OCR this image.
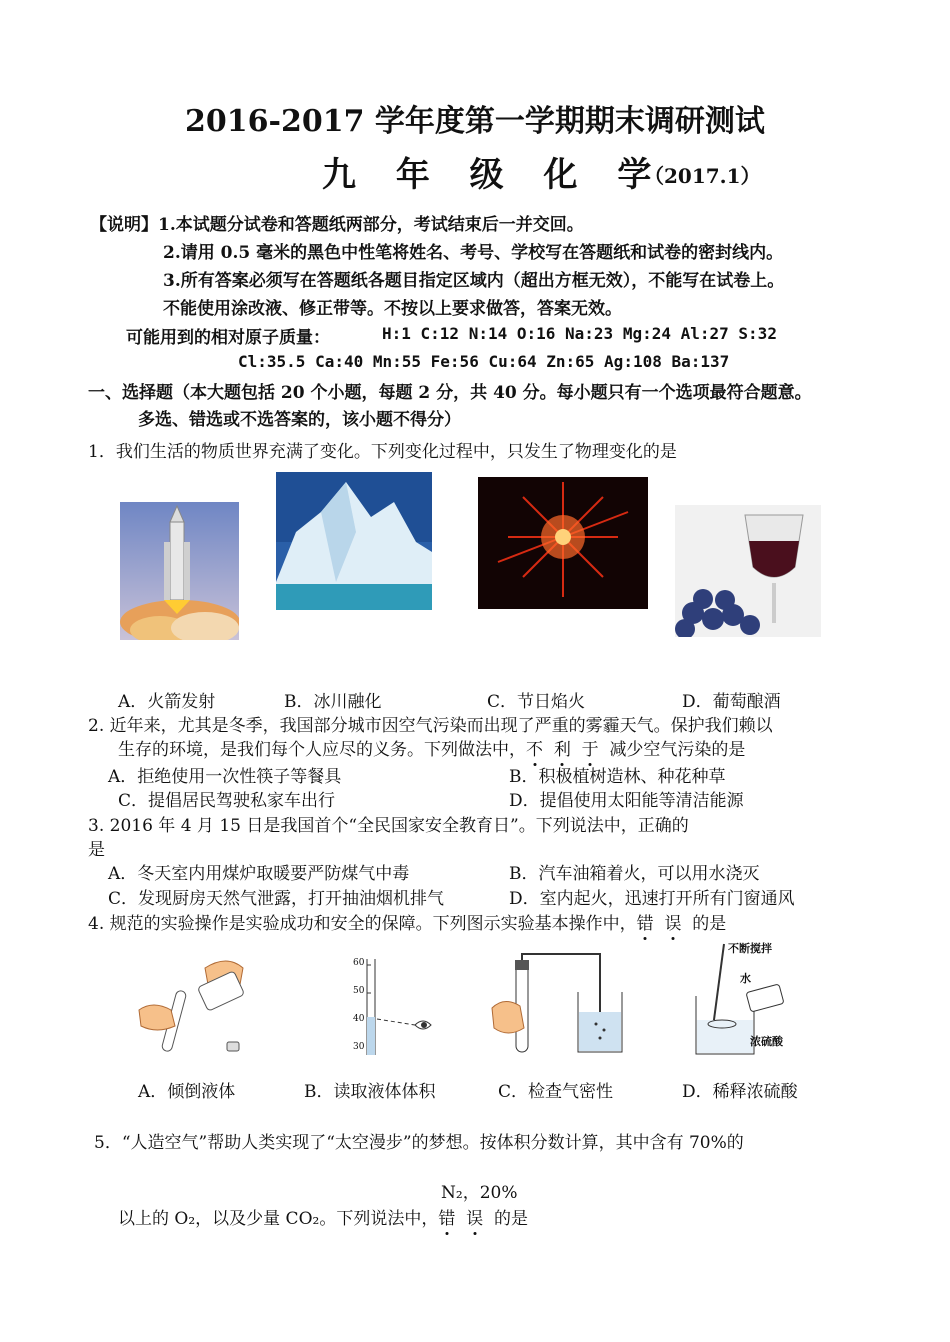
2016-2017 学年度第一学期期末调研测试
九 年 级 化 学
（2017.1）
【说明】1.本试题分试卷和答题纸两部分，考试结束后一并交回。
2.请用 0.5 毫米的黑色中性笔将姓名、考号、学校写在答题纸和试卷的密封线内。
3.所有答案必须写在答题纸各题目指定区域内（超出方框无效），不能写在试卷上。
不能使用涂改液、修正带等。不按以上要求做答，答案无效。
可能用到的相对原子质量：	H:1 C:12 N:14 O:16 Na:23 Mg:24 Al:27 S:32
Cl:35.5 Ca:40 Mn:55 Fe:56 Cu:64 Zn:65 Ag:108 Ba:137
一、选择题（本大题包括 20 个小题，每题 2 分，共 40 分。每小题只有一个选项最符合题意。
多选、错选或不选答案的，该小题不得分）
1．我们生活的物质世界充满了变化。下列变化过程中，只发生了物理变化的是
A．火箭发射	B．冰川融化	C．节日焰火	D．葡萄酿酒
2. 近年来，尤其是冬季，我国部分城市因空气污染而出现了严重的雾霾天气。保护我们赖以
生存的环境，是我们每个人应尽的义务。下列做法中，不 利 于 减少空气污染的是
A．拒绝使用一次性筷子等餐具	B．积极植树造林、种花种草
C．提倡居民驾驶私家车出行	D．提倡使用太阳能等清洁能源
3. 2016 年 4 月 15 日是我国首个“全民国家安全教育日”。下列说法中，正确的
是
A．冬天室内用煤炉取暖要严防煤气中毒	B．汽车油箱着火，可以用水浇灭
C．发现厨房天然气泄露，打开抽油烟机排气	D．室内起火，迅速打开所有门窗通风
4. 规范的实验操作是实验成功和安全的保障。下列图示实验基本操作中，错 误 的是
60
50
40
30
不断搅拌
水
浓硫酸
A．倾倒液体	B．读取液体体积	C．检查气密性	D．稀释浓硫酸
5．“人造空气”帮助人类实现了“太空漫步”的梦想。按体积分数计算，其中含有 70%的
N₂，20%
以上的 O₂，以及少量 CO₂。下列说法中，错 误 的是
